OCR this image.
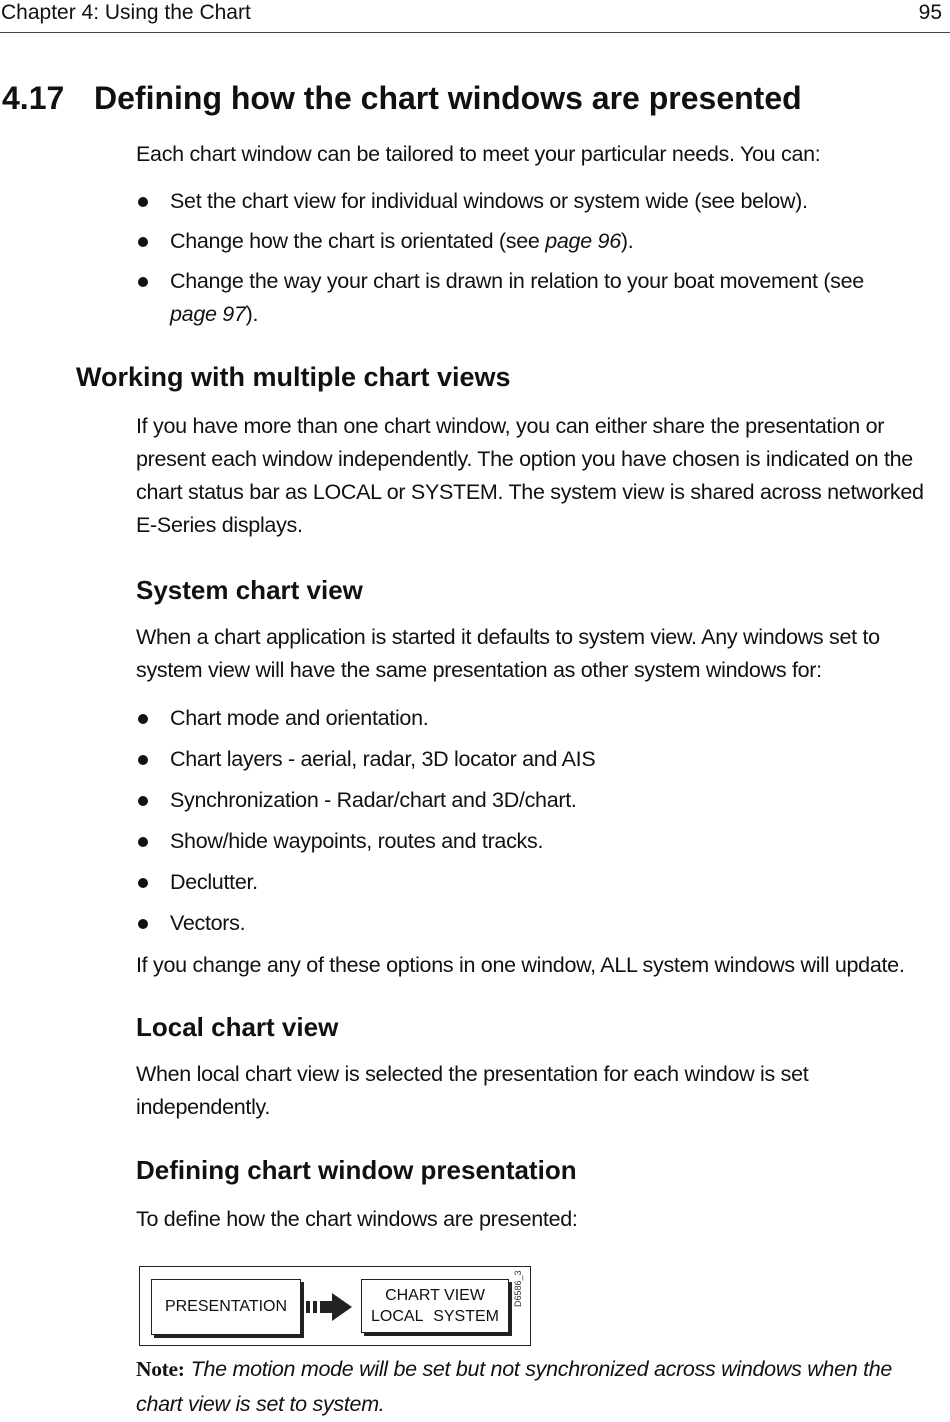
Chapter 4: Using the Chart	95
4.17 Defining how the chart windows are presented
Each chart window can be tailored to meet your particular needs. You can:
Set the chart view for individual windows or system wide (see below).
Change how the chart is orientated (see page 96).
Change the way your chart is drawn in relation to your boat movement (see page 97).
Working with multiple chart views
If you have more than one chart window, you can either share the presentation or present each window independently. The option you have chosen is indicated on the chart status bar as LOCAL or SYSTEM. The system view is shared across networked E-Series displays.
System chart view
When a chart application is started it defaults to system view. Any windows set to system view will have the same presentation as other system windows for:
Chart mode and orientation.
Chart layers - aerial, radar, 3D locator and AIS
Synchronization - Radar/chart and 3D/chart.
Show/hide waypoints, routes and tracks.
Declutter.
Vectors.
If you change any of these options in one window, ALL system windows will update.
Local chart view
When local chart view is selected the presentation for each window is set independently.
Defining chart window presentation
To define how the chart windows are presented:
PRESENTATION
CHART VIEW
LOCAL SYSTEM
D6586_3
Note: The motion mode will be set but not synchronized across windows when the chart view is set to system.
